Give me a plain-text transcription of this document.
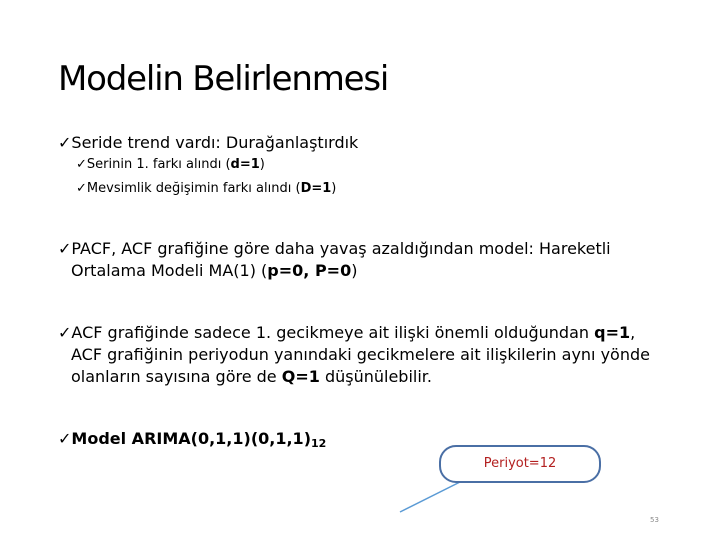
Modelin Belirlenmesi
✓Seride trend vardı: Durağanlaştırdık
✓Serinin 1. farkı alındı (d=1)
✓Mevsimlik değişimin farkı alındı (D=1)
✓PACF, ACF grafiğine göre daha yavaş azaldığından model: Hareketli
Ortalama Modeli MA(1) (p=0, P=0)
✓ACF grafiğinde sadece 1. gecikmeye ait ilişki önemli olduğundan q=1,
ACF grafiğinin periyodun yanındaki gecikmelere ait ilişkilerin aynı yönde
olanların sayısına göre de Q=1 düşünülebilir.
✓Model $ARIMA(0,1,1)(0,1,1)_{12}$
Periyot=12
53
